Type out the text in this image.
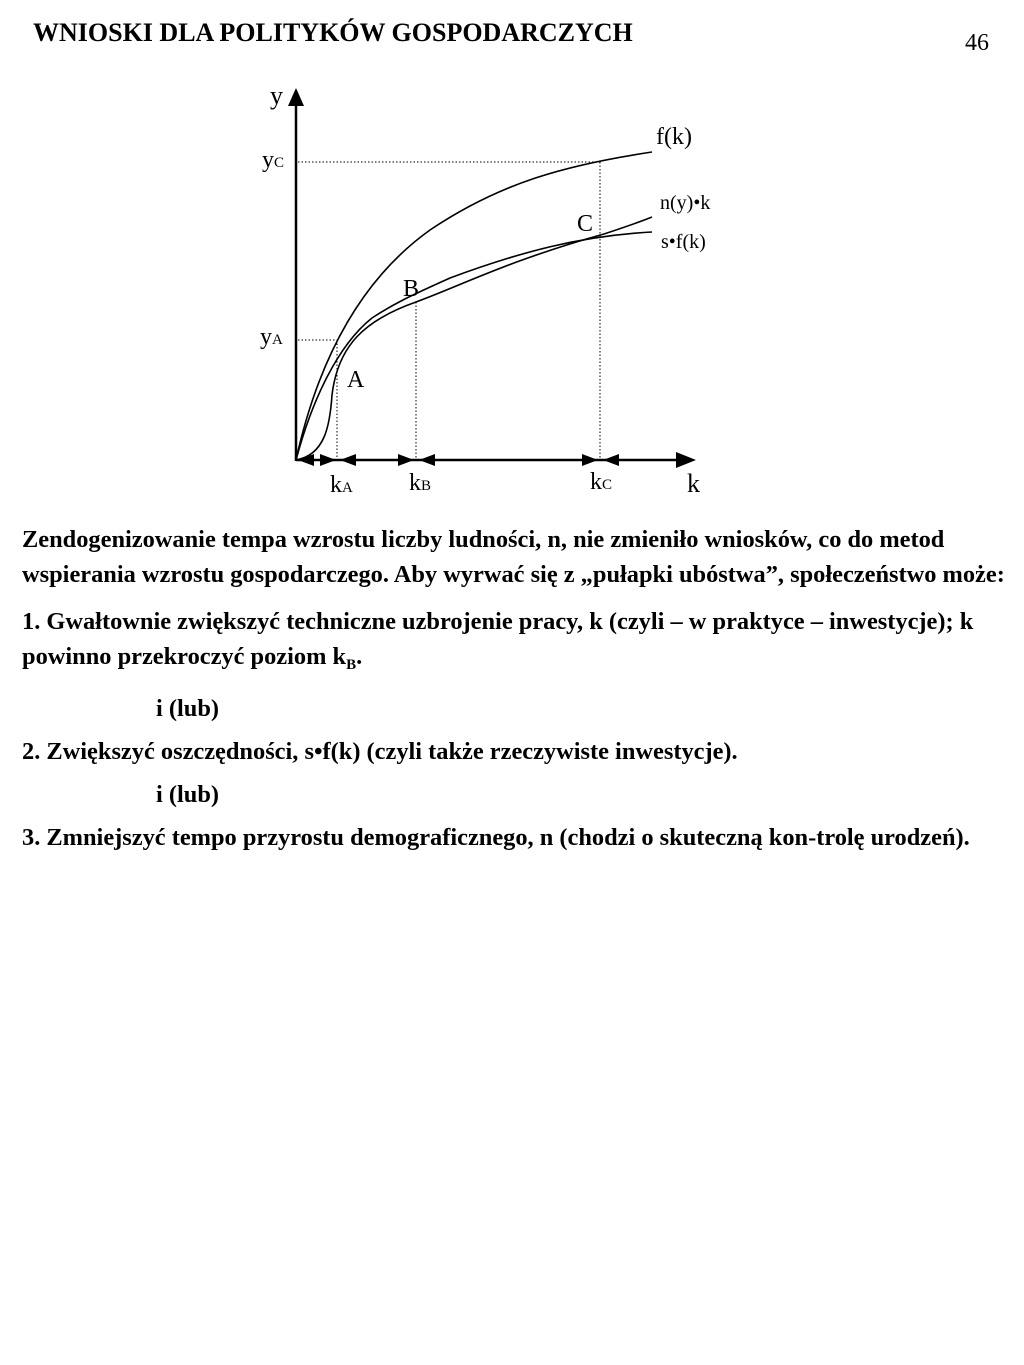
WNIOSKI DLA POLITYKÓW GOSPODARCZYCH	46
y
k
f(k)
n(y)•k
s•f(k)
A
B
C
yC
yA
kA kB	kC

Zendogenizowanie tempa wzrostu liczby ludności, n, nie zmieniło wniosków, co do metod wspierania wzrostu gospodarczego. Aby wyrwać się z „pułapki ubóstwa”, społeczeństwo może:

1. Gwałtownie zwiększyć techniczne uzbrojenie pracy, k (czyli – w praktyce – inwestycje); k powinno przekroczyć poziom $k_B$.

i (lub)

2. Zwiększyć oszczędności, s•f(k) (czyli także rzeczywiste inwestycje).

i (lub)

3. Zmniejszyć tempo przyrostu demograficznego, n (chodzi o skuteczną kon-trolę urodzeń).
